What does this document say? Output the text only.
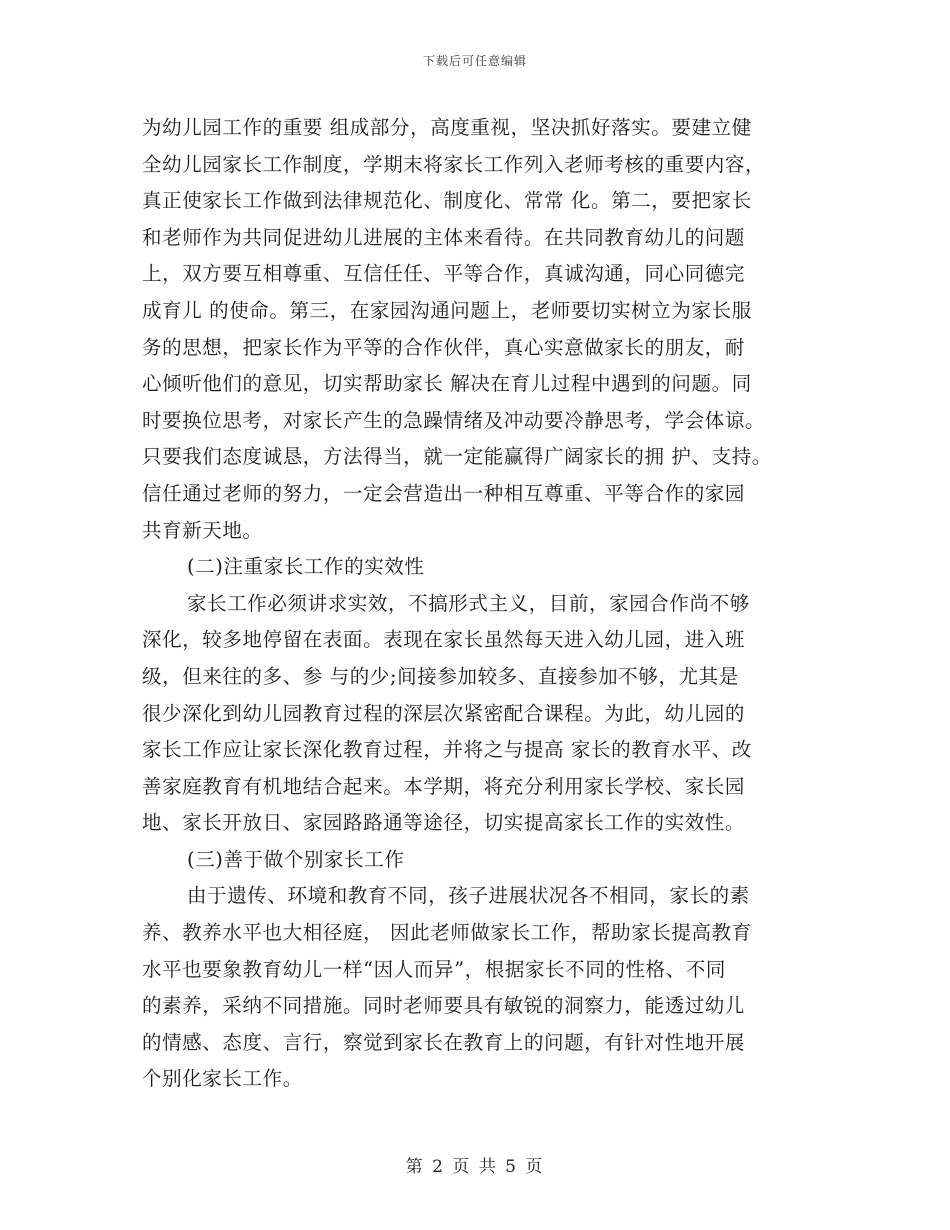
下载后可任意编辑
为幼儿园工作的重要 组成部分，高度重视，坚决抓好落实。要建立健
全幼儿园家长工作制度，学期末将家长工作列入老师考核的重要内容，
真正使家长工作做到法律规范化、制度化、常常 化。第二，要把家长
和老师作为共同促进幼儿进展的主体来看待。在共同教育幼儿的问题
上，双方要互相尊重、互信任任、平等合作，真诚沟通，同心同德完
成育儿 的使命。第三，在家园沟通问题上，老师要切实树立为家长服
务的思想，把家长作为平等的合作伙伴，真心实意做家长的朋友，耐
心倾听他们的意见，切实帮助家长 解决在育儿过程中遇到的问题。同
时要换位思考，对家长产生的急躁情绪及冲动要冷静思考，学会体谅。
只要我们态度诚恳，方法得当，就一定能赢得广阔家长的拥 护、支持。
信任通过老师的努力，一定会营造出一种相互尊重、平等合作的家园
共育新天地。
(二)注重家长工作的实效性
家长工作必须讲求实效，不搞形式主义，目前，家园合作尚不够
深化，较多地停留在表面。表现在家长虽然每天进入幼儿园，进入班
级，但来往的多、参 与的少;间接参加较多、直接参加不够，尤其是
很少深化到幼儿园教育过程的深层次紧密配合课程。为此，幼儿园的
家长工作应让家长深化教育过程，并将之与提高 家长的教育水平、改
善家庭教育有机地结合起来。本学期，将充分利用家长学校、家长园
地、家长开放日、家园路路通等途径，切实提高家长工作的实效性。
(三)善于做个别家长工作
由于遗传、环境和教育不同，孩子进展状况各不相同，家长的素
养、教养水平也大相径庭， 因此老师做家长工作，帮助家长提高教育
水平也要象教育幼儿一样“因人而异”，根据家长不同的性格、不同
的素养，采纳不同措施。同时老师要具有敏锐的洞察力，能透过幼儿
的情感、态度、言行，察觉到家长在教育上的问题，有针对性地开展
个别化家长工作。
第 2 页 共 5 页
